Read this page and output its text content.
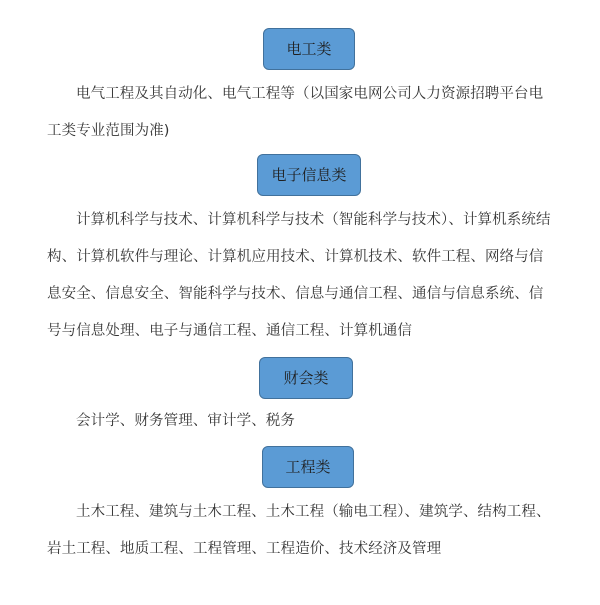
电工类

电气工程及其自动化、电气工程等（以国家电网公司人力资源招聘平台电工类专业范围为准)

电子信息类

计算机科学与技术、计算机科学与技术（智能科学与技术）、计算机系统结构、计算机软件与理论、计算机应用技术、计算机技术、软件工程、网络与信息安全、信息安全、智能科学与技术、信息与通信工程、通信与信息系统、信号与信息处理、电子与通信工程、通信工程、计算机通信

财会类

会计学、财务管理、审计学、税务

工程类

土木工程、建筑与土木工程、土木工程（输电工程）、建筑学、结构工程、岩土工程、地质工程、工程管理、工程造价、技术经济及管理
